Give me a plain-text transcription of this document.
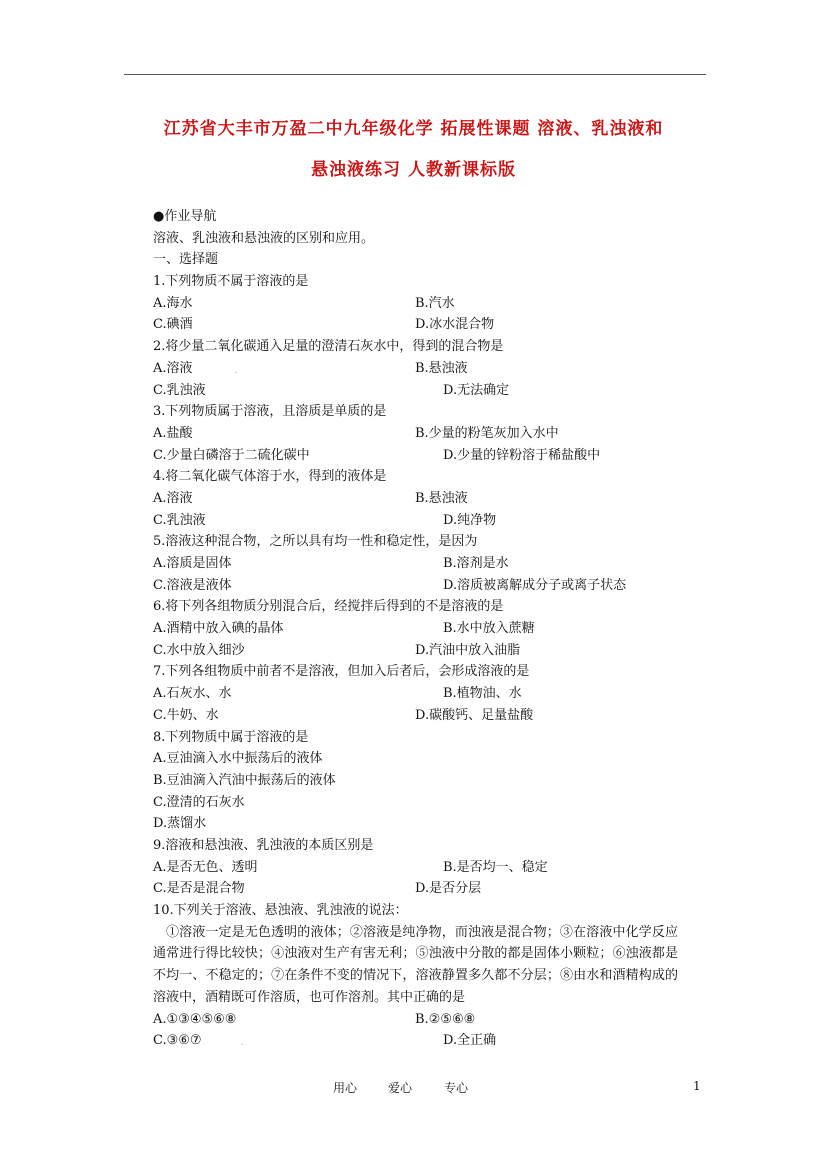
江苏省大丰市万盈二中九年级化学 拓展性课题 溶液、乳浊液和
悬浊液练习 人教新课标版
●作业导航
溶液、乳浊液和悬浊液的区别和应用。
一、选择题
1.下列物质不属于溶液的是
A.海水	B.汽水
C.碘酒	D.冰水混合物
2.将少量二氧化碳通入足量的澄清石灰水中，得到的混合物是
A.溶液	.	B.悬浊液
C.乳浊液	D.无法确定
3.下列物质属于溶液，且溶质是单质的是
A.盐酸	B.少量的粉笔灰加入水中
C.少量白磷溶于二硫化碳中	D.少量的锌粉溶于稀盐酸中
4.将二氧化碳气体溶于水，得到的液体是
A.溶液	B.悬浊液
C.乳浊液	D.纯净物
5.溶液这种混合物，之所以具有均一性和稳定性，是因为
A.溶质是固体	B.溶剂是水
C.溶液是液体	D.溶质被离解成分子或离子状态
6.将下列各组物质分别混合后，经搅拌后得到的不是溶液的是
A.酒精中放入碘的晶体	B.水中放入蔗糖
C.水中放入细沙	D.汽油中放入油脂
7.下列各组物质中前者不是溶液，但加入后者后，会形成溶液的是
A.石灰水、水	B.植物油、水
C.牛奶、水	D.碳酸钙、足量盐酸
8.下列物质中属于溶液的是
A.豆油滴入水中振荡后的液体
B.豆油滴入汽油中振荡后的液体
C.澄清的石灰水
D.蒸馏水
9.溶液和悬浊液、乳浊液的本质区别是
A.是否无色、透明	B.是否均一、稳定
C.是否是混合物	D.是否分层
10.下列关于溶液、悬浊液、乳浊液的说法：
①溶液一定是无色透明的液体；②溶液是纯净物，而浊液是混合物；③在溶液中化学反应通常进行得比较快；④浊液对生产有害无利；⑤浊液中分散的都是固体小颗粒；⑥浊液都是不均一、不稳定的；⑦在条件不变的情况下，溶液静置多久都不分层；⑧由水和酒精构成的溶液中，酒精既可作溶质，也可作溶剂。其中正确的是
A.①③④⑤⑥⑧	B.②⑤⑥⑧
C.③⑥⑦	.	D.全正确
用心	爱心	专心	1
